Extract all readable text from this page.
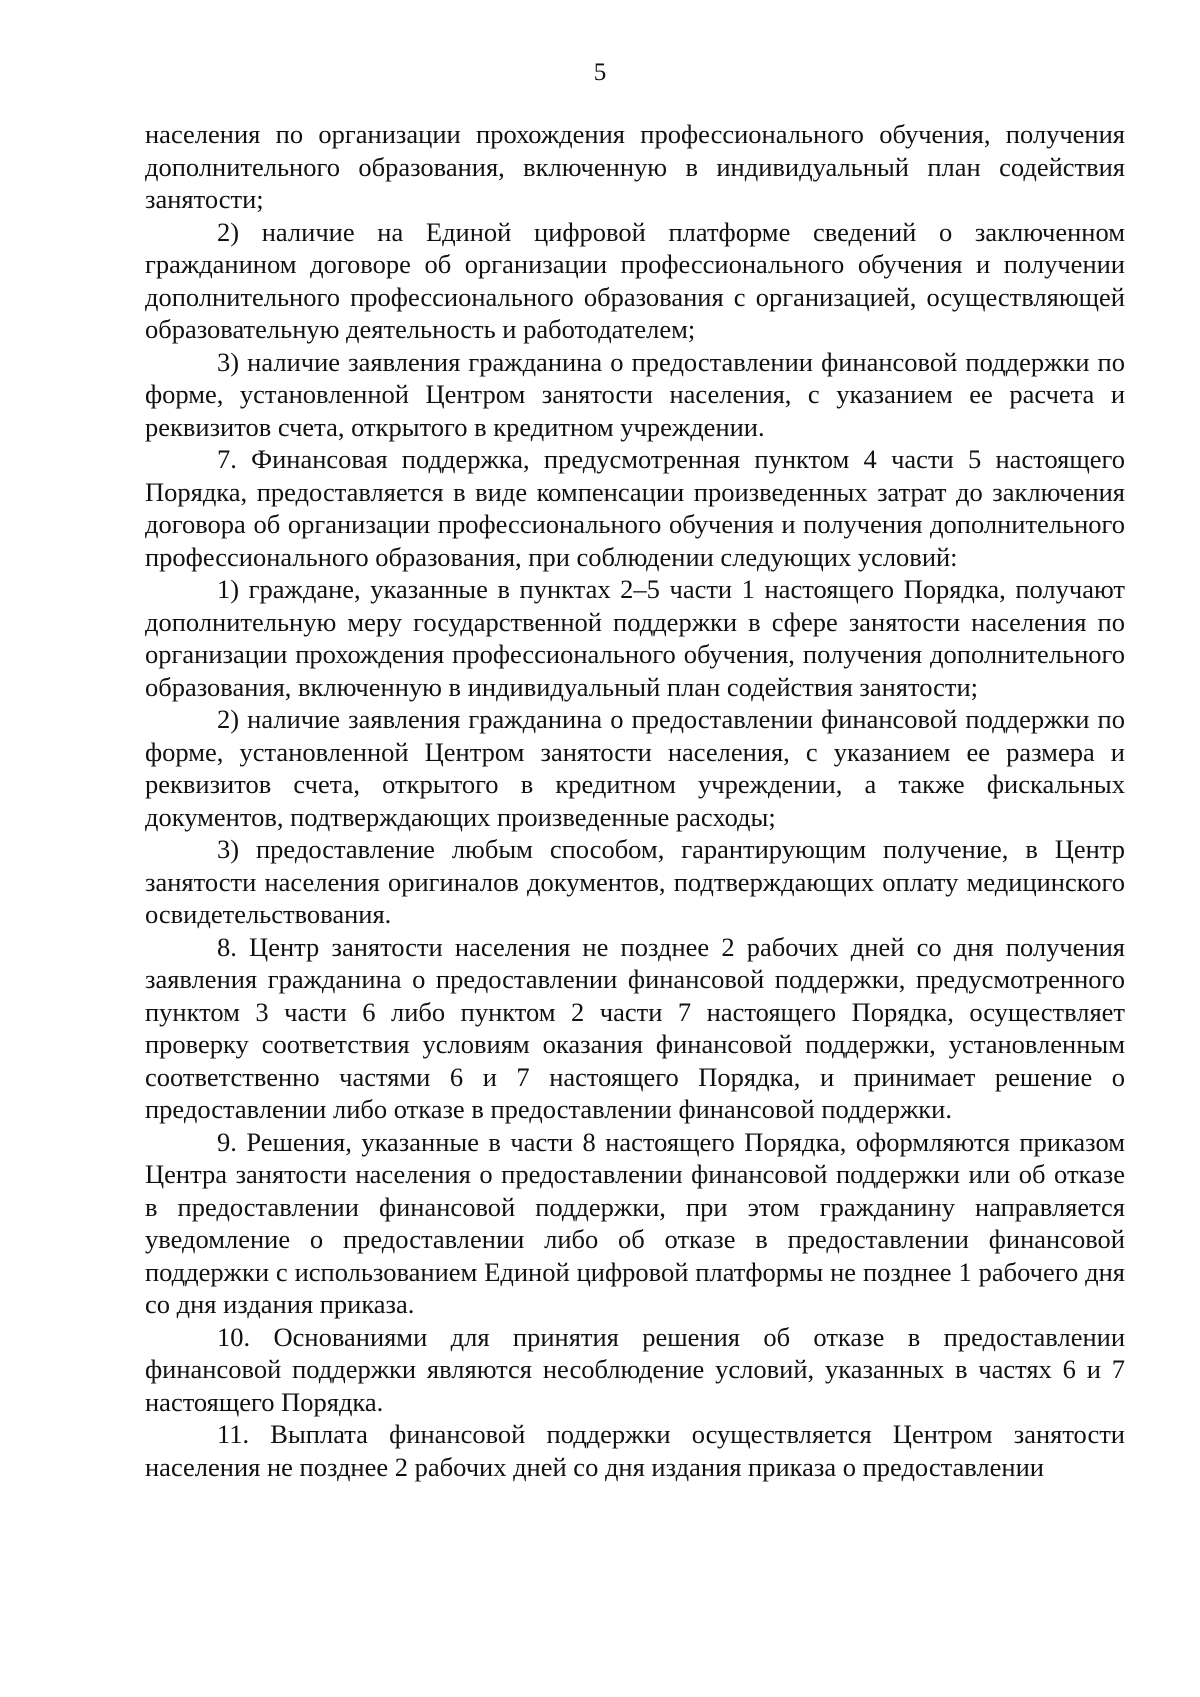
5

населения по организации прохождения профессионального обучения, получения дополнительного образования, включенную в индивидуальный план содействия занятости;

2) наличие на Единой цифровой платформе сведений о заключенном гражданином договоре об организации профессионального обучения и получении дополнительного профессионального образования с организацией, осуществляющей образовательную деятельность и работодателем;

3) наличие заявления гражданина о предоставлении финансовой поддержки по форме, установленной Центром занятости населения, с указанием ее расчета и реквизитов счета, открытого в кредитном учреждении.

7. Финансовая поддержка, предусмотренная пунктом 4 части 5 настоящего Порядка, предоставляется в виде компенсации произведенных затрат до заключения договора об организации профессионального обучения и получения дополнительного профессионального образования, при соблюдении следующих условий:

1) граждане, указанные в пунктах 2–5 части 1 настоящего Порядка, получают дополнительную меру государственной поддержки в сфере занятости населения по организации прохождения профессионального обучения, получения дополнительного образования, включенную в индивидуальный план содействия занятости;

2) наличие заявления гражданина о предоставлении финансовой поддержки по форме, установленной Центром занятости населения, с указанием ее размера и реквизитов счета, открытого в кредитном учреждении, а также фискальных документов, подтверждающих произведенные расходы;

3) предоставление любым способом, гарантирующим получение, в Центр занятости населения оригиналов документов, подтверждающих оплату медицинского освидетельствования.

8. Центр занятости населения не позднее 2 рабочих дней со дня получения заявления гражданина о предоставлении финансовой поддержки, предусмотренного пунктом 3 части 6 либо пунктом 2 части 7 настоящего Порядка, осуществляет проверку соответствия условиям оказания финансовой поддержки, установленным соответственно частями 6 и 7 настоящего Порядка, и принимает решение о предоставлении либо отказе в предоставлении финансовой поддержки.

9. Решения, указанные в части 8 настоящего Порядка, оформляются приказом Центра занятости населения о предоставлении финансовой поддержки или об отказе в предоставлении финансовой поддержки, при этом гражданину направляется уведомление о предоставлении либо об отказе в предоставлении финансовой поддержки с использованием Единой цифровой платформы не позднее 1 рабочего дня со дня издания приказа.

10. Основаниями для принятия решения об отказе в предоставлении финансовой поддержки являются несоблюдение условий, указанных в частях 6 и 7 настоящего Порядка.

11. Выплата финансовой поддержки осуществляется Центром занятости населения не позднее 2 рабочих дней со дня издания приказа о предоставлении
